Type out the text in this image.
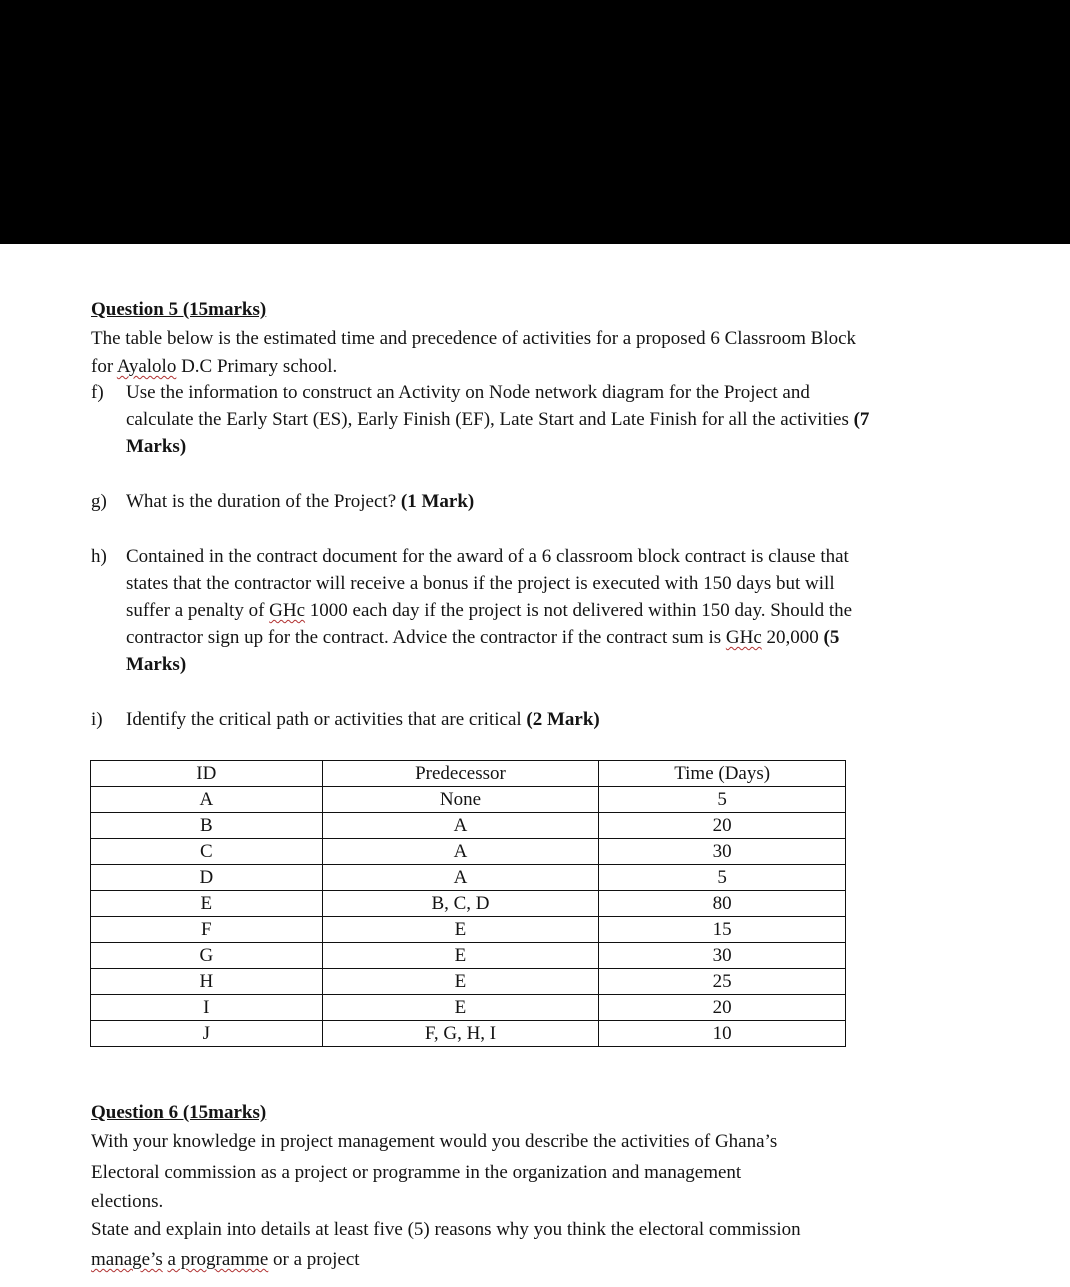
Question 5 (15marks)
The table below is the estimated time and precedence of activities for a proposed 6 Classroom Block
for Ayalolo D.C Primary school.
f) Use the information to construct an Activity on Node network diagram for the Project and
calculate the Early Start (ES), Early Finish (EF), Late Start and Late Finish for all the activities (7
Marks)
g) What is the duration of the Project? (1 Mark)
h) Contained in the contract document for the award of a 6 classroom block contract is clause that
states that the contractor will receive a bonus if the project is executed with 150 days but will
suffer a penalty of GHc 1000 each day if the project is not delivered within 150 day. Should the
contractor sign up for the contract. Advice the contractor if the contract sum is GHc 20,000 (5
Marks)
i) Identify the critical path or activities that are critical (2 Mark)
ID	Predecessor	Time (Days)
A	None	5
B	A	20
C	A	30
D	A	5
E	B, C, D	80
F	E	15
G	E	30
H	E	25
I	E	20
J	F, G, H, I	10
Question 6 (15marks)
With your knowledge in project management would you describe the activities of Ghana’s
Electoral commission as a project or programme in the organization and management
elections.
State and explain into details at least five (5) reasons why you think the electoral commission
manage’s a programme or a project
